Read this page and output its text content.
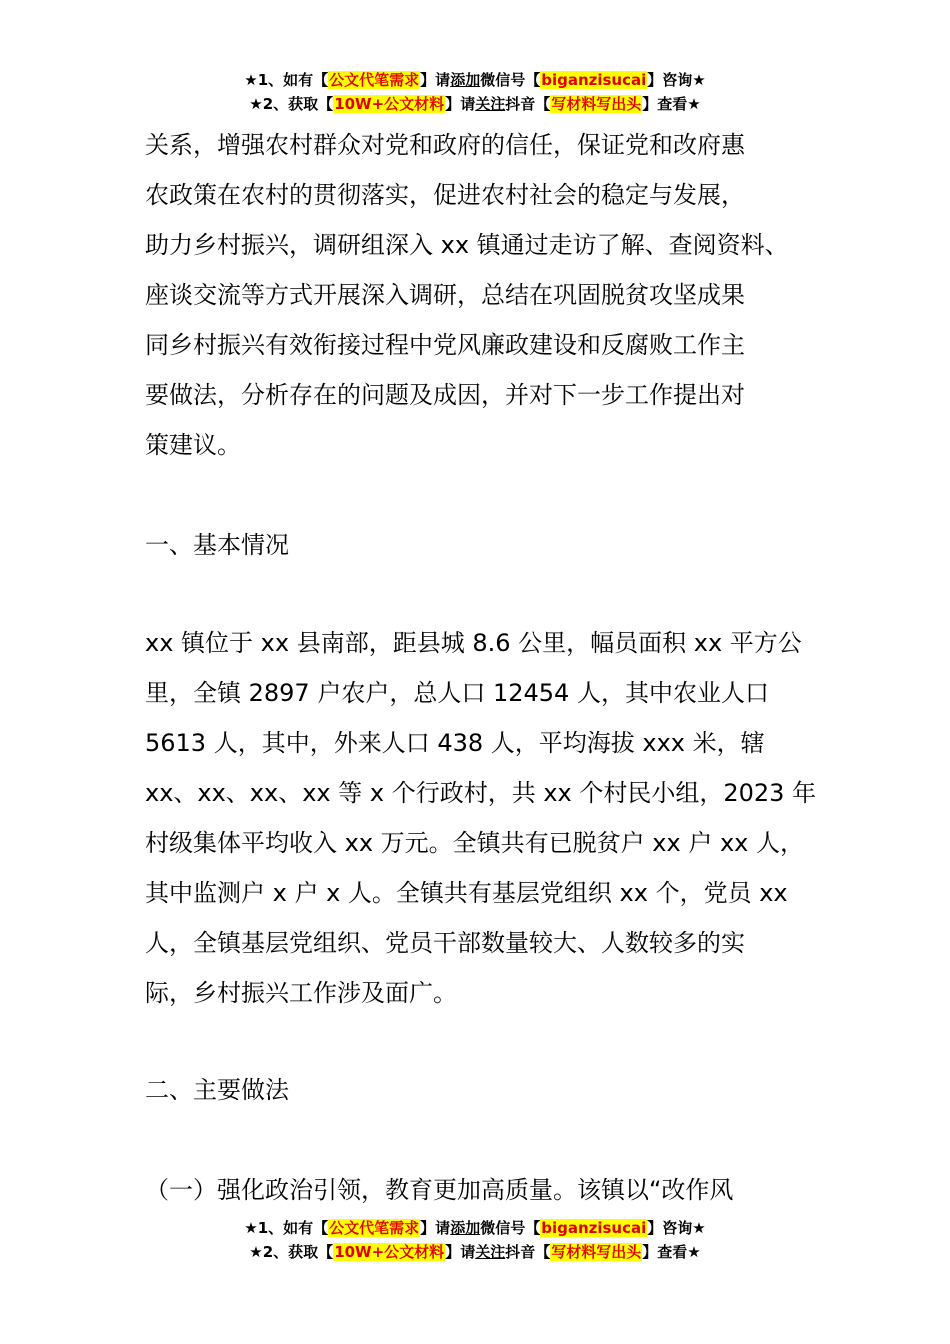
★1、如有【公文代笔需求】请添加微信号【biganzisucai】咨询★
★2、获取【10W+公文材料】请关注抖音【写材料写出头】查看★
关系，增强农村群众对党和政府的信任，保证党和改府惠
农政策在农村的贯彻落实，促进农村社会的稳定与发展，
助力乡村振兴，调研组深入 xx 镇通过走访了解、查阅资料、
座谈交流等方式开展深入调研，总结在巩固脱贫攻坚成果
同乡村振兴有效衔接过程中党风廉政建设和反腐败工作主
要做法，分析存在的问题及成因，并对下一步工作提出对
策建议。
一、基本情况
xx 镇位于 xx 县南部，距县城 8.6 公里，幅员面积 xx 平方公
里，全镇 2897 户农户，总人口 12454 人，其中农业人口
5613 人，其中，外来人口 438 人，平均海拔 xxx 米，辖
xx、xx、xx、xx 等 x 个行政村，共 xx 个村民小组，2023 年
村级集体平均收入 xx 万元。全镇共有已脱贫户 xx 户 xx 人，
其中监测户 x 户 x 人。全镇共有基层党组织 xx 个，党员 xx
人，全镇基层党组织、党员干部数量较大、人数较多的实
际，乡村振兴工作涉及面广。
二、主要做法
（一）强化政治引领，教育更加高质量。该镇以“改作风
★1、如有【公文代笔需求】请添加微信号【biganzisucai】咨询★
★2、获取【10W+公文材料】请关注抖音【写材料写出头】查看★
